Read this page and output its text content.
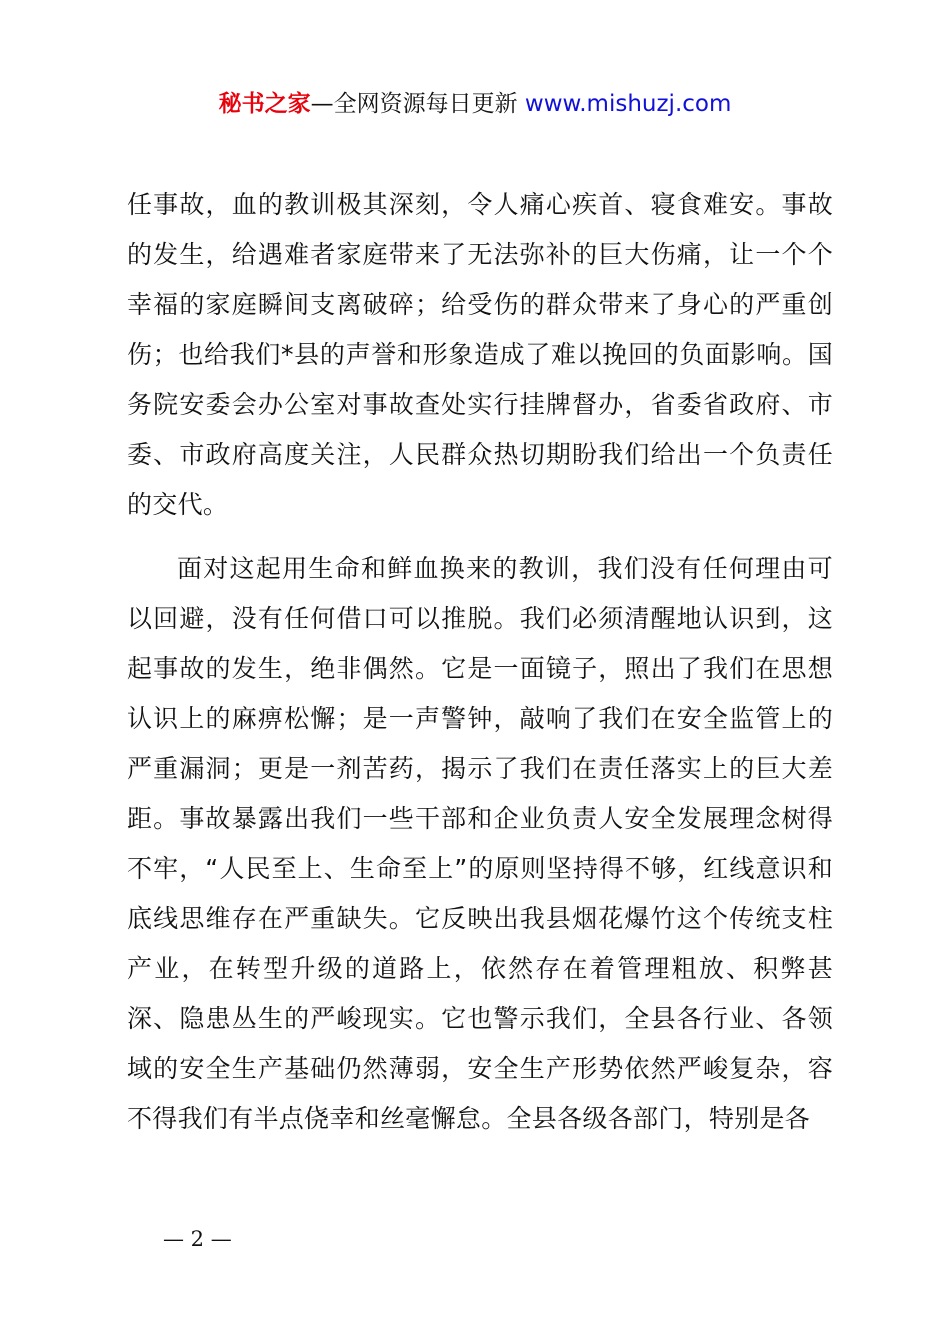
秘书之家—全网资源每日更新 www.mishuzj.com

任事故，血的教训极其深刻，令人痛心疾首、寝食难安。事故的发生，给遇难者家庭带来了无法弥补的巨大伤痛，让一个个幸福的家庭瞬间支离破碎；给受伤的群众带来了身心的严重创伤；也给我们*县的声誉和形象造成了难以挽回的负面影响。国务院安委会办公室对事故查处实行挂牌督办，省委省政府、市委、市政府高度关注，人民群众热切期盼我们给出一个负责任的交代。

面对这起用生命和鲜血换来的教训，我们没有任何理由可以回避，没有任何借口可以推脱。我们必须清醒地认识到，这起事故的发生，绝非偶然。它是一面镜子，照出了我们在思想认识上的麻痹松懈；是一声警钟，敲响了我们在安全监管上的严重漏洞；更是一剂苦药，揭示了我们在责任落实上的巨大差距。事故暴露出我们一些干部和企业负责人安全发展理念树得不牢，“人民至上、生命至上”的原则坚持得不够，红线意识和底线思维存在严重缺失。它反映出我县烟花爆竹这个传统支柱产业，在转型升级的道路上，依然存在着管理粗放、积弊甚深、隐患丛生的严峻现实。它也警示我们，全县各行业、各领域的安全生产基础仍然薄弱，安全生产形势依然严峻复杂，容不得我们有半点侥幸和丝毫懈怠。全县各级各部门，特别是各

— 2 —
